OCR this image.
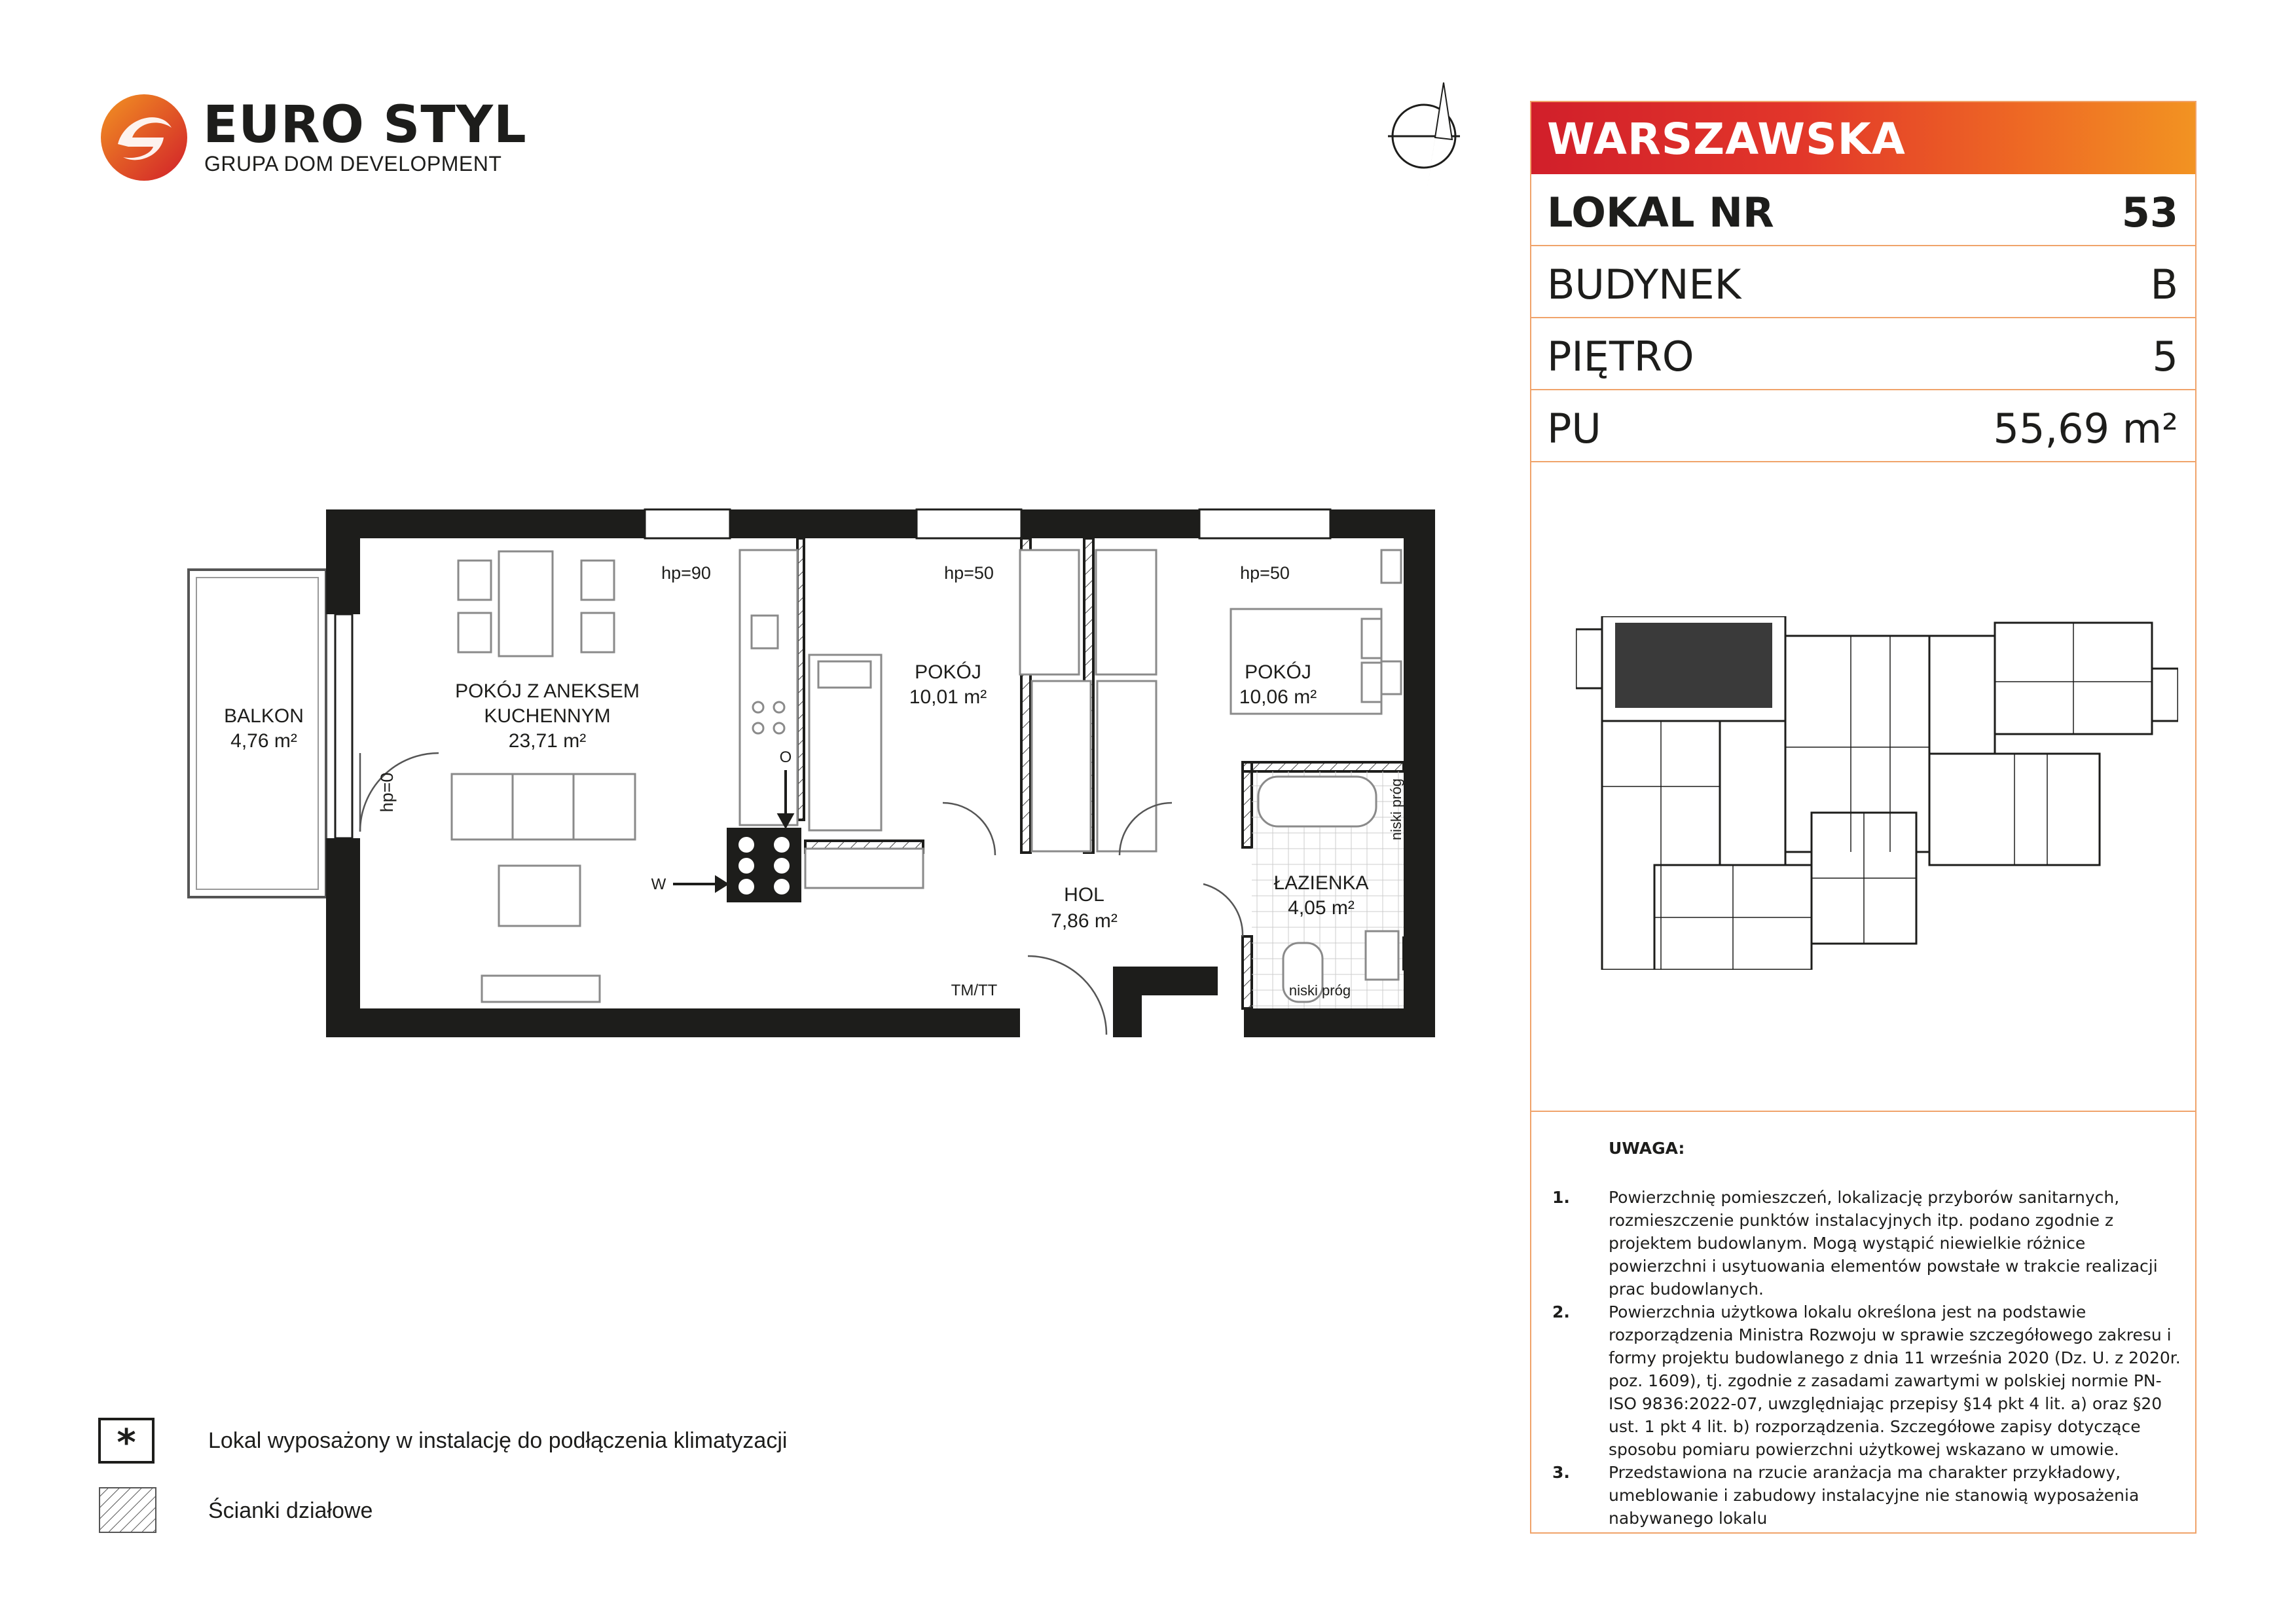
EURO STYL
GRUPA DOM DEVELOPMENT
BALKON
4,76 m²
POKÓJ Z ANEKSEM
KUCHENNYM
23,71 m²
POKÓJ
10,01 m²
POKÓJ
10,06 m²
HOL
7,86 m²
ŁAZIENKA
4,05 m²
hp=90	hp=50	hp=50
hp=0	niski próg
niski próg
TM/TT
W
O
WARSZAWSKA
LOKAL NR	53
BUDYNEK	B
PIĘTRO	5
PU	55,69 m²
UWAGA:
1. Powierzchnię pomieszczeń, lokalizację przyborów sanitarnych, rozmieszczenie punktów instalacyjnych itp. podano zgodnie z projektem budowlanym. Mogą wystąpić niewielkie różnice powierzchni i usytuowania elementów powstałe w trakcie realizacji prac budowlanych.
2. Powierzchnia użytkowa lokalu określona jest na podstawie rozporządzenia Ministra Rozwoju w sprawie szczegółowego zakresu i formy projektu budowlanego z dnia 11 września 2020 (Dz. U. z 2020r. poz. 1609), tj. zgodnie z zasadami zawartymi w polskiej normie PN-ISO 9836:2022-07, uwzględniając przepisy §14 pkt 4 lit. a) oraz §20 ust. 1 pkt 4 lit. b) rozporządzenia. Szczegółowe zapisy dotyczące sposobu pomiaru powierzchni użytkowej wskazano w umowie.
3. Przedstawiona na rzucie aranżacja ma charakter przykładowy, umeblowanie i zabudowy instalacyjne nie stanowią wyposażenia nabywanego lokalu
*	Lokal wyposażony w instalację do podłączenia klimatyzacji
Ścianki działowe
